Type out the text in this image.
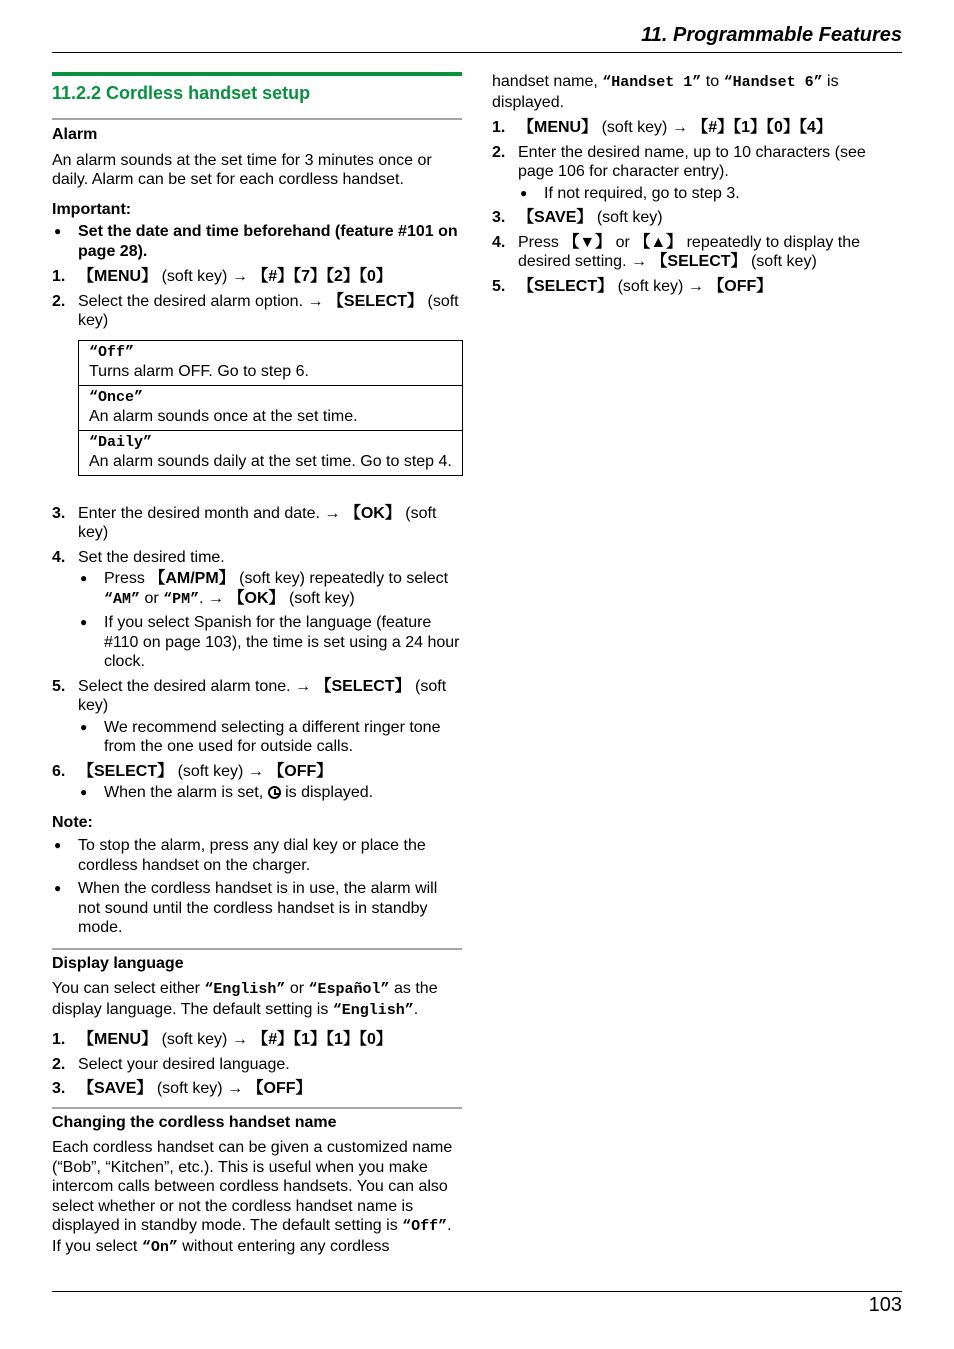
11. Programmable Features
11.2.2 Cordless handset setup
Alarm

An alarm sounds at the set time for 3 minutes once or daily. Alarm can be set for each cordless handset.

Important:
● Set the date and time beforehand (feature #101 on page 28).
1. 【MENU】 (soft key) → 【#】【7】【2】【0】
2. Select the desired alarm option. → 【SELECT】 (soft key)
“Off”
Turns alarm OFF. Go to step 6.
“Once”
An alarm sounds once at the set time.
“Daily”
An alarm sounds daily at the set time. Go to step 4.
3. Enter the desired month and date. → 【OK】 (soft key)
4. Set the desired time.
● Press 【AM/PM】 (soft key) repeatedly to select “AM” or “PM”. → 【OK】 (soft key)
● If you select Spanish for the language (feature #110 on page 103), the time is set using a 24 hour clock.
5. Select the desired alarm tone. → 【SELECT】 (soft key)
● We recommend selecting a different ringer tone from the one used for outside calls.
6. 【SELECT】 (soft key) → 【OFF】
● When the alarm is set,  is displayed.
Note:
● To stop the alarm, press any dial key or place the cordless handset on the charger.
● When the cordless handset is in use, the alarm will not sound until the cordless handset is in standby mode.
Display language

You can select either “English” or “Español” as the display language. The default setting is “English”.

1. 【MENU】 (soft key) → 【#】【1】【1】【0】
2. Select your desired language.
3. 【SAVE】 (soft key) → 【OFF】
Changing the cordless handset name

Each cordless handset can be given a customized name (“Bob”, “Kitchen”, etc.). This is useful when you make intercom calls between cordless handsets. You can also select whether or not the cordless handset name is displayed in standby mode. The default setting is “Off”. If you select “On” without entering any cordless

handset name, “Handset 1” to “Handset 6” is displayed.

1. 【MENU】 (soft key) → 【#】【1】【0】【4】
2. Enter the desired name, up to 10 characters (see page 106 for character entry).
● If not required, go to step 3.
3. 【SAVE】 (soft key)
4. Press 【▼】 or 【▲】 repeatedly to display the desired setting. → 【SELECT】 (soft key)
5. 【SELECT】 (soft key) → 【OFF】
103
